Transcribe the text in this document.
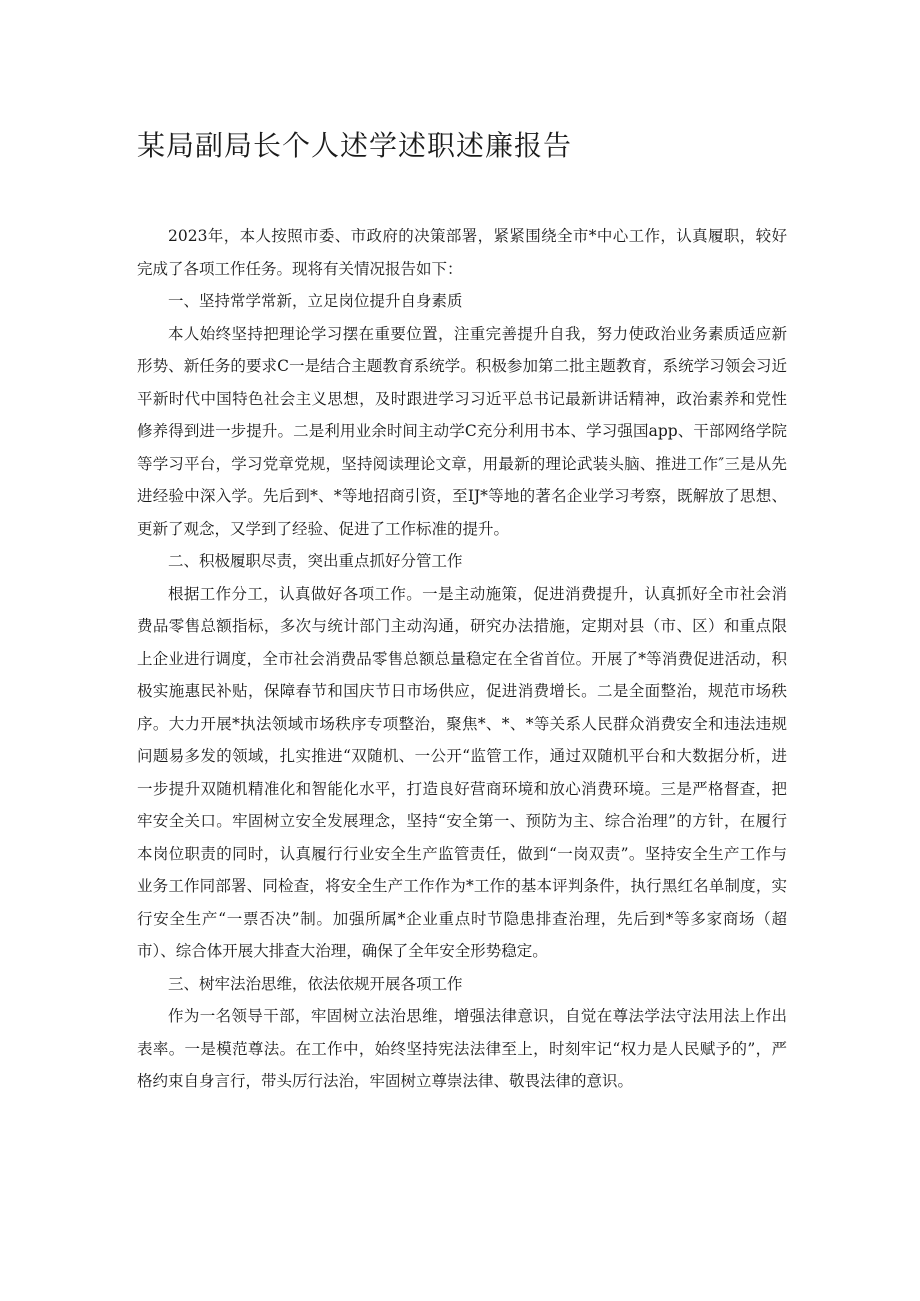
某局副局长个人述学述职述廉报告

2023年，本人按照市委、市政府的决策部署，紧紧围绕全市*中心工作，认真履职，较好完成了各项工作任务。现将有关情况报告如下：

一、坚持常学常新，立足岗位提升自身素质

本人始终坚持把理论学习摆在重要位置，注重完善提升自我，努力使政治业务素质适应新形势、新任务的要求C一是结合主题教育系统学。积极参加第二批主题教育，系统学习领会习近平新时代中国特色社会主义思想，及时跟进学习习近平总书记最新讲话精神，政治素养和党性修养得到进一步提升。二是利用业余时间主动学C充分利用书本、学习强国app、干部网络学院等学习平台，学习党章党规，坚持阅读理论文章，用最新的理论武装头脑、推进工作″三是从先进经验中深入学。先后到*、*等地招商引资，至IJ*等地的著名企业学习考察，既解放了思想、更新了观念，又学到了经验、促进了工作标准的提升。

二、积极履职尽责，突出重点抓好分管工作

根据工作分工，认真做好各项工作。一是主动施策，促进消费提升，认真抓好全市社会消费品零售总额指标，多次与统计部门主动沟通，研究办法措施，定期对县（市、区）和重点限上企业进行调度，全市社会消费品零售总额总量稳定在全省首位。开展了*等消费促进活动，积极实施惠民补贴，保障春节和国庆节日市场供应，促进消费增长。二是全面整治，规范市场秩序。大力开展*执法领域市场秩序专项整治，聚焦*、*、*等关系人民群众消费安全和违法违规问题易多发的领域，扎实推进“双随机、一公开“监管工作，通过双随机平台和大数据分析，进一步提升双随机精准化和智能化水平，打造良好营商环境和放心消费环境。三是严格督查，把牢安全关口。牢固树立安全发展理念，坚持“安全第一、预防为主、综合治理”的方针，在履行本岗位职责的同时，认真履行行业安全生产监管责任，做到“一岗双责”。坚持安全生产工作与业务工作同部署、同检查，将安全生产工作作为*工作的基本评判条件，执行黑红名单制度，实行安全生产“一票否决”制。加强所属*企业重点时节隐患排查治理，先后到*等多家商场（超市）、综合体开展大排查大治理，确保了全年安全形势稳定。

三、树牢法治思维，依法依规开展各项工作

作为一名领导干部，牢固树立法治思维，增强法律意识，自觉在尊法学法守法用法上作出表率。一是模范尊法。在工作中，始终坚持宪法法律至上，时刻牢记“权力是人民赋予的”，严格约束自身言行，带头厉行法治，牢固树立尊崇法律、敬畏法律的意识。
